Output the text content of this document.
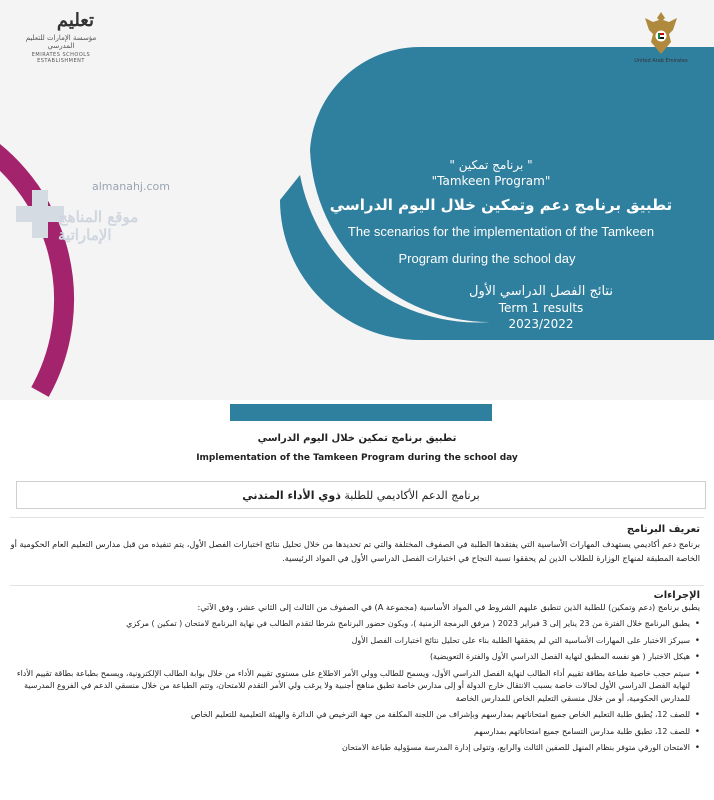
تعليم
مؤسسة الإمارات للتعليم المدرسي
EMIRATES SCHOOLS ESTABLISHMENT	United Arab Emirates
almanahj.com
موقع المناهج الإماراتية
" برنامج تمكين "
"Tamkeen Program"
تطبيق برنامج دعم وتمكين خلال اليوم الدراسي
The scenarios for the implementation of the Tamkeen
Program during the school day
نتائج الفصل الدراسي الأول
Term 1 results
2023/2022
تطبيق برنامج تمكين خلال اليوم الدراسي
Implementation of the Tamkeen Program during the school day
برنامج الدعم الأكاديمي للطلبة

ذوي الأداء المتدني
تعريف البرنامج
برنامج دعم أكاديمي يستهدف المهارات الأساسية التي يفتقدها الطلبة في الصفوف المختلفة والتي تم تحديدها من خلال تحليل نتائج اختبارات الفصل الأول، يتم تنفيذه من قبل مدارس التعليم العام الحكومية أو الخاصة المطبقة لمنهاج الوزارة للطلاب الذين لم يحققوا نسبة النجاح في اختبارات الفصل الدراسي الأول في المواد الرئيسية.
الإجراءات
يطبق برنامج (دعم وتمكين) للطلبة الذين تنطبق عليهم الشروط في المواد الأساسية (مجموعة A) في الصفوف من الثالث إلى الثاني عشر، وفق الآتي:
• يطبق البرنامج خلال الفترة من 23 يناير إلى 3 فبراير 2023 ( مرفق البرمجة الزمنية )، ويكون حضور البرنامج شرطا لتقدم الطالب في نهاية البرنامج لامتحان ( تمكين ) مركزي
• سيركز الاختبار على المهارات الأساسية التي لم يحققها الطلبة بناء على تحليل نتائج اختبارات الفصل الأول
• هيكل الاختبار ( هو نفسه المطبق لنهاية الفصل الدراسي الأول والفترة التعويضية)
• سيتم حجب خاصية طباعة بطاقة تقييم أداء الطالب لنهاية الفصل الدراسي الأول، ويسمح للطالب وولي الأمر الاطلاع على مستوى تقييم الأداء من خلال بوابة الطالب الإلكترونية، ويسمح بطباعة بطاقة تقييم الأداء لنهاية الفصل الدراسي الأول لحالات خاصة بسبب الانتقال خارج الدولة أو إلى مدارس خاصة تطبق مناهج أجنبية ولا يرغب ولي الأمر التقدم للامتحان، وتتم الطباعة من خلال منسقي الدعم في الفروع المدرسية للمدارس الحكومية، أو من خلال منسقي التعليم الخاص للمدارس الخاصة
• للصف 12، يُطبق طلبة التعليم الخاص جميع امتحاناتهم بمدارسهم وبإشراف من اللجنة المكلفة من جهة الترخيص في الدائرة والهيئة التعليمية للتعليم الخاص
• للصف 12، تطبق طلبة مدارس التسامح جميع امتحاناتهم بمدارسهم
• الامتحان الورقي متوفر بنظام المنهل للصفين الثالث والرابع، وتتولى إدارة المدرسة مسؤولية طباعة الامتحان
